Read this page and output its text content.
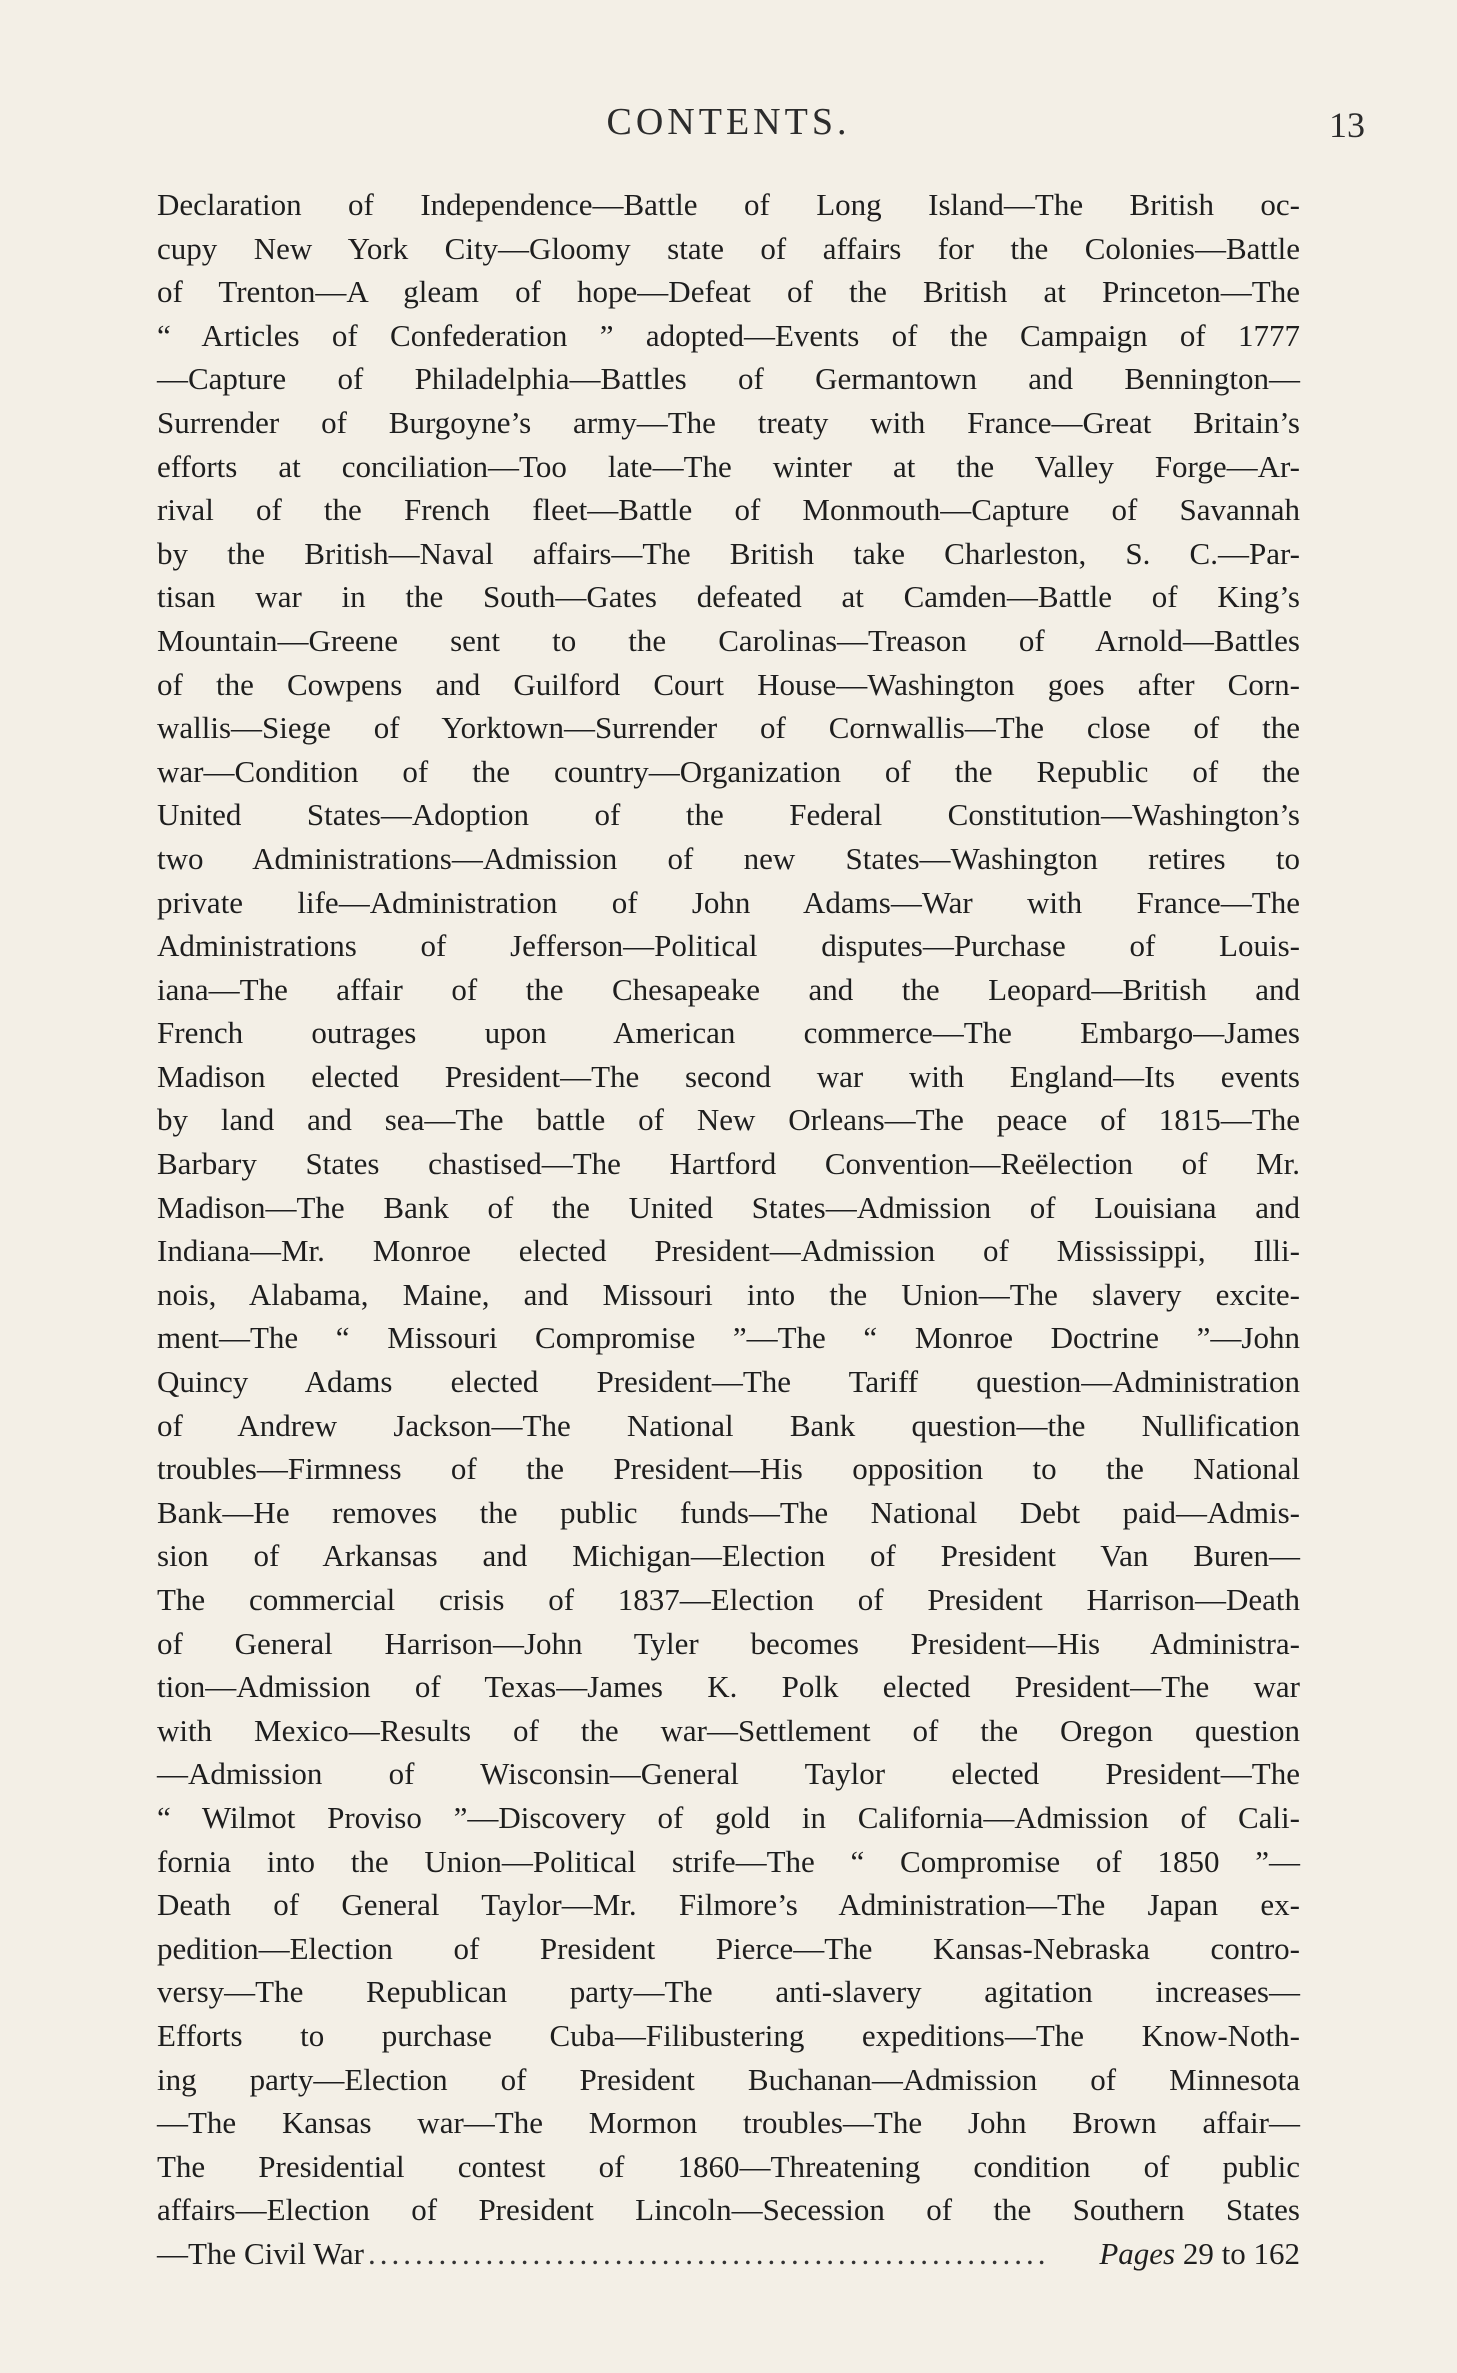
CONTENTS.	13
Declaration of Independence—Battle of Long Island—The British oc-
cupy New York City—Gloomy state of affairs for the Colonies—Battle
of Trenton—A gleam of hope—Defeat of the British at Princeton—The
“ Articles of Confederation ” adopted—Events of the Campaign of 1777
—Capture of Philadelphia—Battles of Germantown and Bennington—
Surrender of Burgoyne’s army—The treaty with France—Great Britain’s
efforts at conciliation—Too late—The winter at the Valley Forge—Ar-
rival of the French fleet—Battle of Monmouth—Capture of Savannah
by the British—Naval affairs—The British take Charleston, S. C.—Par-
tisan war in the South—Gates defeated at Camden—Battle of King’s
Mountain—Greene sent to the Carolinas—Treason of Arnold—Battles
of the Cowpens and Guilford Court House—Washington goes after Corn-
wallis—Siege of Yorktown—Surrender of Cornwallis—The close of the
war—Condition of the country—Organization of the Republic of the
United States—Adoption of the Federal Constitution—Washington’s
two Administrations—Admission of new States—Washington retires to
private life—Administration of John Adams—War with France—The
Administrations of Jefferson—Political disputes—Purchase of Louis-
iana—The affair of the Chesapeake and the Leopard—British and
French outrages upon American commerce—The Embargo—James
Madison elected President—The second war with England—Its events
by land and sea—The battle of New Orleans—The peace of 1815—The
Barbary States chastised—The Hartford Convention—Reëlection of Mr.
Madison—The Bank of the United States—Admission of Louisiana and
Indiana—Mr. Monroe elected President—Admission of Mississippi, Illi-
nois, Alabama, Maine, and Missouri into the Union—The slavery excite-
ment—The “ Missouri Compromise ”—The “ Monroe Doctrine ”—John
Quincy Adams elected President—The Tariff question—Administration
of Andrew Jackson—The National Bank question—the Nullification
troubles—Firmness of the President—His opposition to the National
Bank—He removes the public funds—The National Debt paid—Admis-
sion of Arkansas and Michigan—Election of President Van Buren—
The commercial crisis of 1837—Election of President Harrison—Death
of General Harrison—John Tyler becomes President—His Administra-
tion—Admission of Texas—James K. Polk elected President—The war
with Mexico—Results of the war—Settlement of the Oregon question
—Admission of Wisconsin—General Taylor elected President—The
“ Wilmot Proviso ”—Discovery of gold in California—Admission of Cali-
fornia into the Union—Political strife—The “ Compromise of 1850 ”—
Death of General Taylor—Mr. Filmore’s Administration—The Japan ex-
pedition—Election of President Pierce—The Kansas-Nebraska contro-
versy—The Republican party—The anti-slavery agitation increases—
Efforts to purchase Cuba—Filibustering expeditions—The Know-Noth-
ing party—Election of President Buchanan—Admission of Minnesota
—The Kansas war—The Mormon troubles—The John Brown affair—
The Presidential contest of 1860—Threatening condition of public
affairs—Election of President Lincoln—Secession of the Southern States
—The Civil War ..........................................................	Pages 29 to 162
